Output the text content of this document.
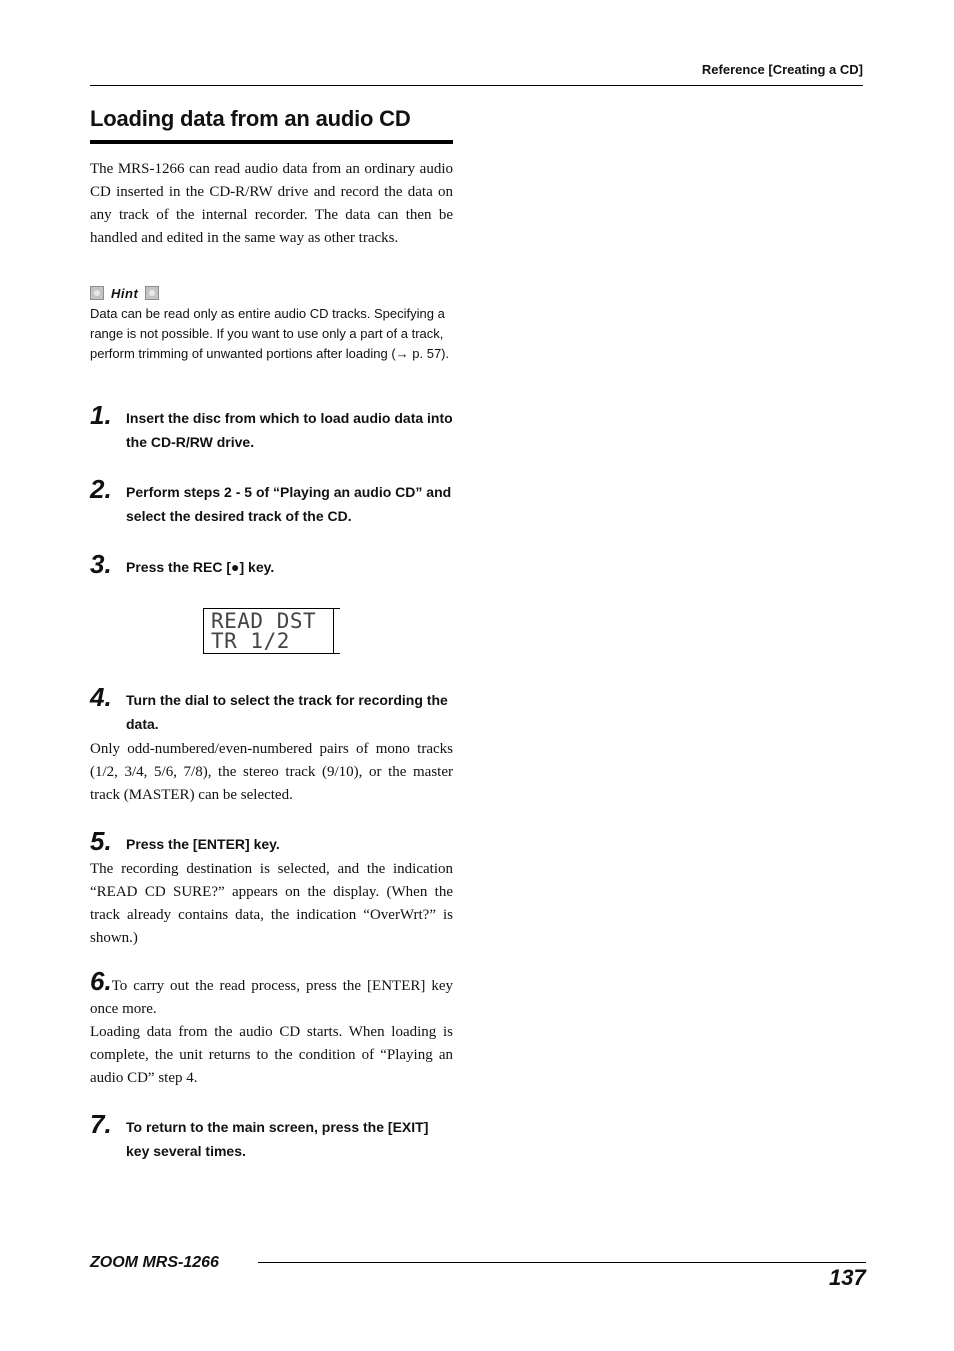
Reference [Creating a CD]
Loading data from an audio CD
The MRS-1266 can read audio data from an ordinary audio CD inserted in the CD-R/RW drive and record the data on any track of the internal recorder. The data can then be handled and edited in the same way as other tracks.
Hint
Data can be read only as entire audio CD tracks. Specifying a range is not possible. If you want to use only a part of a track, perform trimming of unwanted portions after loading (→ p. 57).
1. Insert the disc from which to load audio data into the CD-R/RW drive.
2. Perform steps 2 - 5 of “Playing an audio CD” and select the desired track of the CD.
3. Press the REC [●] key.
READ DST
TR 1/2
4. Turn the dial to select the track for recording the data.
Only odd-numbered/even-numbered pairs of mono tracks (1/2, 3/4, 5/6, 7/8), the stereo track (9/10), or the master track (MASTER) can be selected.
5. Press the [ENTER] key.
The recording destination is selected, and the indication “READ CD SURE?” appears on the display. (When the track already contains data, the indication “OverWrt?” is shown.)
6.To carry out the read process, press the [ENTER] key once more.
Loading data from the audio CD starts. When loading is complete, the unit returns to the condition of “Playing an audio CD” step 4.
7. To return to the main screen, press the [EXIT] key several times.
ZOOM MRS-1266
137
